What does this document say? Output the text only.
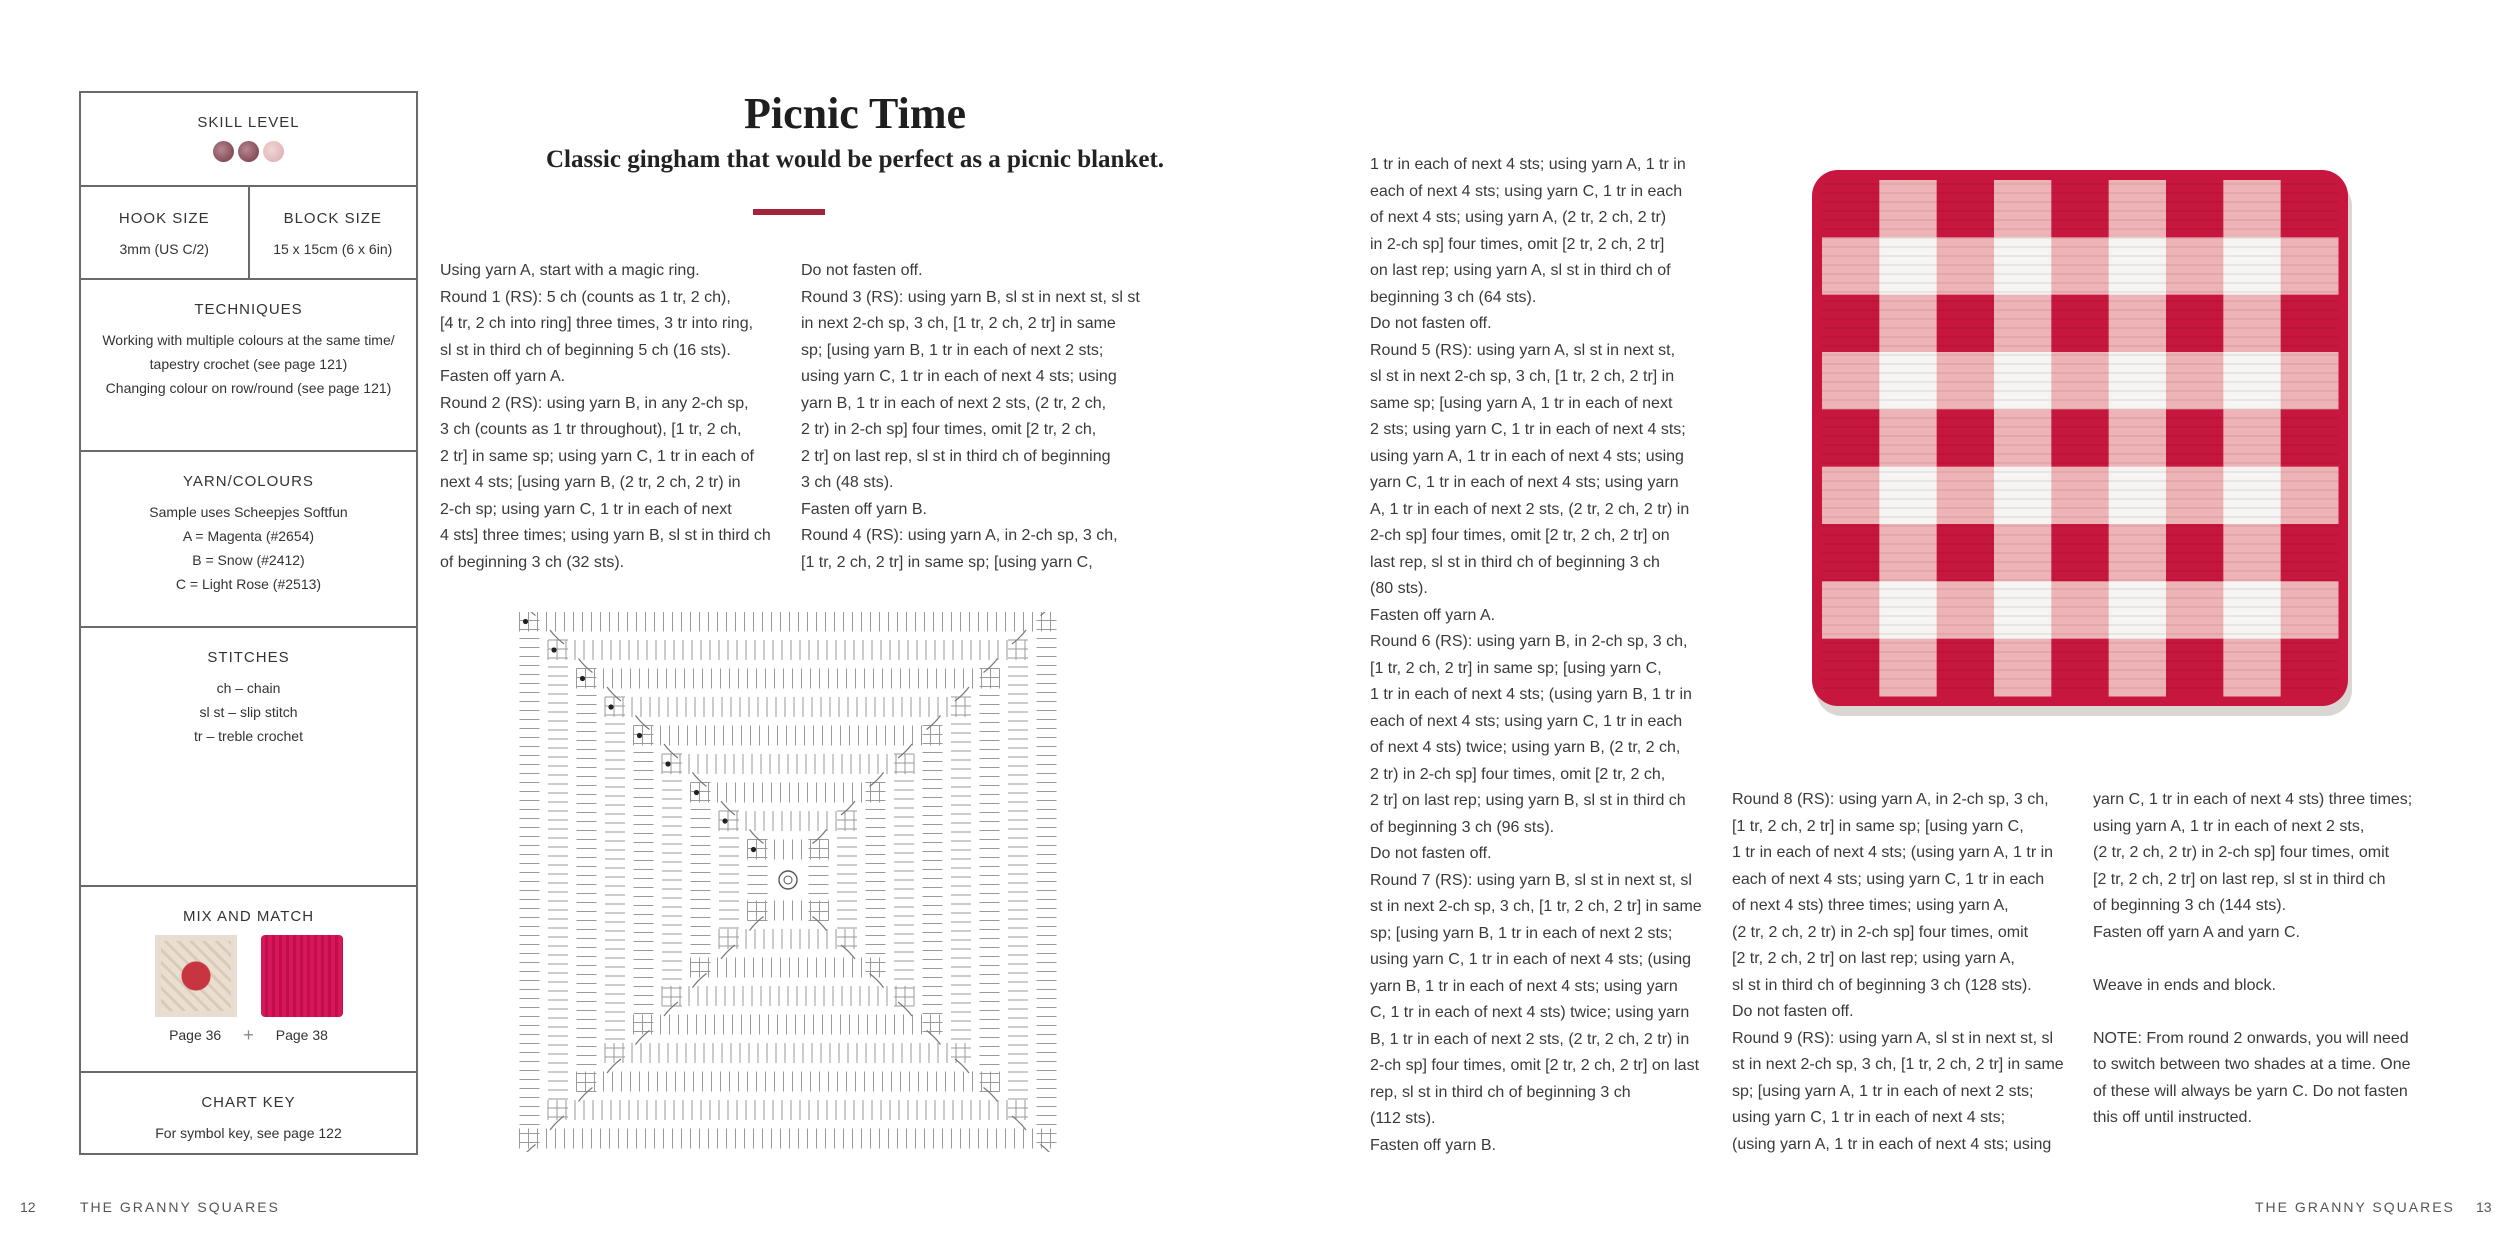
SKILL LEVEL
HOOK SIZE
3mm (US C/2)
BLOCK SIZE
15 x 15cm (6 x 6in)
TECHNIQUES
Working with multiple colours at the same time/
tapestry crochet (see page 121)
Changing colour on row/round (see page 121)
YARN/COLOURS
Sample uses Scheepjes Softfun
A = Magenta (#2654)
B = Snow (#2412)
C = Light Rose (#2513)
STITCHES
ch – chain
sl st – slip stitch
tr – treble crochet
MIX AND MATCH
Page 36 + Page 38
CHART KEY
For symbol key, see page 122
Picnic Time
Classic gingham that would be perfect as a picnic blanket.

Using yarn A, start with a magic ring.
Round 1 (RS): 5 ch (counts as 1 tr, 2 ch),
[4 tr, 2 ch into ring] three times, 3 tr into ring,
sl st in third ch of beginning 5 ch (16 sts).
Fasten off yarn A.
Round 2 (RS): using yarn B, in any 2-ch sp,
3 ch (counts as 1 tr throughout), [1 tr, 2 ch,
2 tr] in same sp; using yarn C, 1 tr in each of
next 4 sts; [using yarn B, (2 tr, 2 ch, 2 tr) in
2-ch sp; using yarn C, 1 tr in each of next
4 sts] three times; using yarn B, sl st in third ch
of beginning 3 ch (32 sts).

Do not fasten off.
Round 3 (RS): using yarn B, sl st in next st, sl st
in next 2-ch sp, 3 ch, [1 tr, 2 ch, 2 tr] in same
sp; [using yarn B, 1 tr in each of next 2 sts;
using yarn C, 1 tr in each of next 4 sts; using
yarn B, 1 tr in each of next 2 sts, (2 tr, 2 ch,
2 tr) in 2-ch sp] four times, omit [2 tr, 2 ch,
2 tr] on last rep, sl st in third ch of beginning
3 ch (48 sts).
Fasten off yarn B.
Round 4 (RS): using yarn A, in 2-ch sp, 3 ch,
[1 tr, 2 ch, 2 tr] in same sp; [using yarn C,

1 tr in each of next 4 sts; using yarn A, 1 tr in
each of next 4 sts; using yarn C, 1 tr in each
of next 4 sts; using yarn A, (2 tr, 2 ch, 2 tr)
in 2-ch sp] four times, omit [2 tr, 2 ch, 2 tr]
on last rep; using yarn A, sl st in third ch of
beginning 3 ch (64 sts).
Do not fasten off.
Round 5 (RS): using yarn A, sl st in next st,
sl st in next 2-ch sp, 3 ch, [1 tr, 2 ch, 2 tr] in
same sp; [using yarn A, 1 tr in each of next
2 sts; using yarn C, 1 tr in each of next 4 sts;
using yarn A, 1 tr in each of next 4 sts; using
yarn C, 1 tr in each of next 4 sts; using yarn
A, 1 tr in each of next 2 sts, (2 tr, 2 ch, 2 tr) in
2-ch sp] four times, omit [2 tr, 2 ch, 2 tr] on
last rep, sl st in third ch of beginning 3 ch
(80 sts).
Fasten off yarn A.
Round 6 (RS): using yarn B, in 2-ch sp, 3 ch,
[1 tr, 2 ch, 2 tr] in same sp; [using yarn C,
1 tr in each of next 4 sts; (using yarn B, 1 tr in
each of next 4 sts; using yarn C, 1 tr in each
of next 4 sts) twice; using yarn B, (2 tr, 2 ch,
2 tr) in 2-ch sp] four times, omit [2 tr, 2 ch,
2 tr] on last rep; using yarn B, sl st in third ch
of beginning 3 ch (96 sts).
Do not fasten off.
Round 7 (RS): using yarn B, sl st in next st, sl
st in next 2-ch sp, 3 ch, [1 tr, 2 ch, 2 tr] in same
sp; [using yarn B, 1 tr in each of next 2 sts;
using yarn C, 1 tr in each of next 4 sts; (using
yarn B, 1 tr in each of next 4 sts; using yarn
C, 1 tr in each of next 4 sts) twice; using yarn
B, 1 tr in each of next 2 sts, (2 tr, 2 ch, 2 tr) in
2-ch sp] four times, omit [2 tr, 2 ch, 2 tr] on last
rep, sl st in third ch of beginning 3 ch
(112 sts).
Fasten off yarn B.

Round 8 (RS): using yarn A, in 2-ch sp, 3 ch,
[1 tr, 2 ch, 2 tr] in same sp; [using yarn C,
1 tr in each of next 4 sts; (using yarn A, 1 tr in
each of next 4 sts; using yarn C, 1 tr in each
of next 4 sts) three times; using yarn A,
(2 tr, 2 ch, 2 tr) in 2-ch sp] four times, omit
[2 tr, 2 ch, 2 tr] on last rep; using yarn A,
sl st in third ch of beginning 3 ch (128 sts).
Do not fasten off.
Round 9 (RS): using yarn A, sl st in next st, sl
st in next 2-ch sp, 3 ch, [1 tr, 2 ch, 2 tr] in same
sp; [using yarn A, 1 tr in each of next 2 sts;
using yarn C, 1 tr in each of next 4 sts;
(using yarn A, 1 tr in each of next 4 sts; using

yarn C, 1 tr in each of next 4 sts) three times;
using yarn A, 1 tr in each of next 2 sts,
(2 tr, 2 ch, 2 tr) in 2-ch sp] four times, omit
[2 tr, 2 ch, 2 tr] on last rep, sl st in third ch
of beginning 3 ch (144 sts).
Fasten off yarn A and yarn C.

Weave in ends and block.

NOTE: From round 2 onwards, you will need
to switch between two shades at a time. One
of these will always be yarn C. Do not fasten
this off until instructed.

12	THE GRANNY SQUARES	THE GRANNY SQUARES 13
